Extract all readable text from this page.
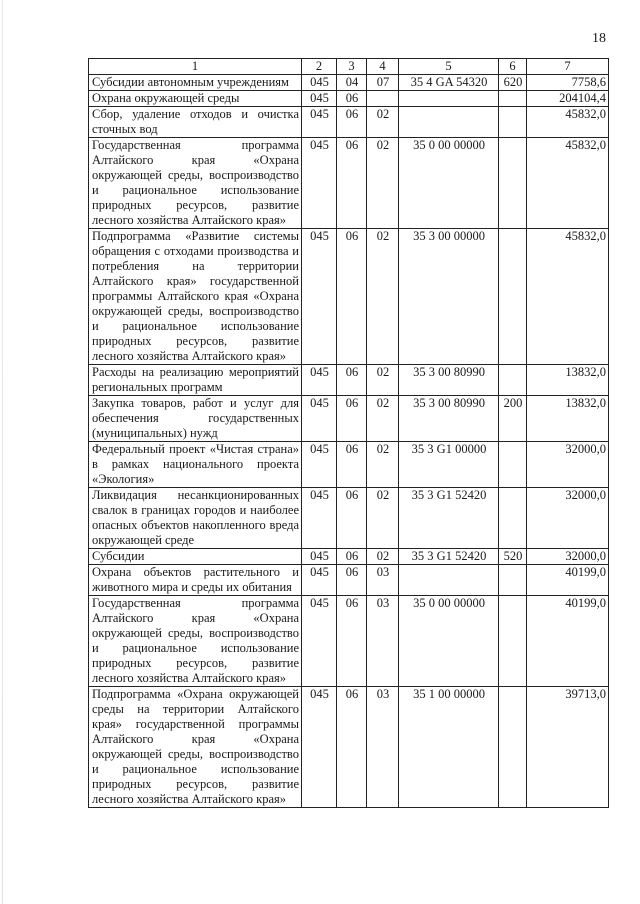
18
1	2	3	4	5	6	7
Субсидии автономным учреждениям	045	04	07	35 4 GA 54320	620	7758,6
Охрана окружающей среды	045	06				204104,4
Сбор, удаление отходов и очистка сточных вод	045	06	02			45832,0
Государственная программа Алтайского края «Охрана окружающей среды, воспроизводство и рациональное использование природных ресурсов, развитие лесного хозяйства Алтайского края»	045	06	02	35 0 00 00000		45832,0
Подпрограмма «Развитие системы обращения с отходами производства и потребления на территории Алтайского края» государственной программы Алтайского края «Охрана окружающей среды, воспроизводство и рациональное использование природных ресурсов, развитие лесного хозяйства Алтайского края»	045	06	02	35 3 00 00000		45832,0
Расходы на реализацию мероприятий региональных программ	045	06	02	35 3 00 80990		13832,0
Закупка товаров, работ и услуг для обеспечения государственных (муниципальных) нужд	045	06	02	35 3 00 80990	200	13832,0
Федеральный проект «Чистая страна» в рамках национального проекта «Экология»	045	06	02	35 3 G1 00000		32000,0
Ликвидация несанкционированных свалок в границах городов и наиболее опасных объектов накопленного вреда окружающей среде	045	06	02	35 3 G1 52420		32000,0
Субсидии	045	06	02	35 3 G1 52420	520	32000,0
Охрана объектов растительного и животного мира и среды их обитания	045	06	03			40199,0
Государственная программа Алтайского края «Охрана окружающей среды, воспроизводство и рациональное использование природных ресурсов, развитие лесного хозяйства Алтайского края»	045	06	03	35 0 00 00000		40199,0
Подпрограмма «Охрана окружающей среды на территории Алтайского края» государственной программы Алтайского края «Охрана окружающей среды, воспроизводство и рациональное использование природных ресурсов, развитие лесного хозяйства Алтайского края»	045	06	03	35 1 00 00000		39713,0
